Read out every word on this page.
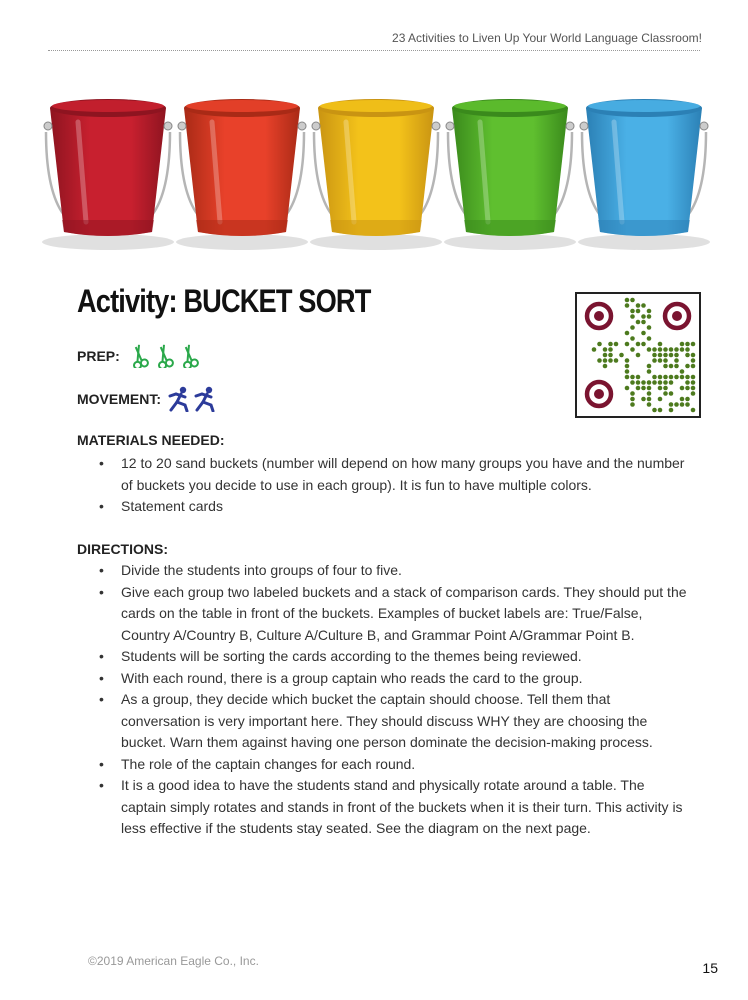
23 Activities to Liven Up Your World Language Classroom!
Activity: BUCKET SORT
PREP:
MOVEMENT:
MATERIALS NEEDED:
• 12 to 20 sand buckets (number will depend on how many groups you have and the number of buckets you decide to use in each group). It is fun to have multiple colors.
• Statement cards
DIRECTIONS:
• Divide the students into groups of four to five.
• Give each group two labeled buckets and a stack of comparison cards. They should put the cards on the table in front of the buckets. Examples of bucket labels are: True/False, Country A/Country B, Culture A/Culture B, and Grammar Point A/Grammar Point B.
• Students will be sorting the cards according to the themes being reviewed.
• With each round, there is a group captain who reads the card to the group.
• As a group, they decide which bucket the captain should choose. Tell them that conversation is very important here. They should discuss WHY they are choosing the bucket. Warn them against having one person dominate the decision-making process.
• The role of the captain changes for each round.
• It is a good idea to have the students stand and physically rotate around a table. The captain simply rotates and stands in front of the buckets when it is their turn. This activity is less effective if the students stay seated. See the diagram on the next page.
©2019 American Eagle Co., Inc.	15
